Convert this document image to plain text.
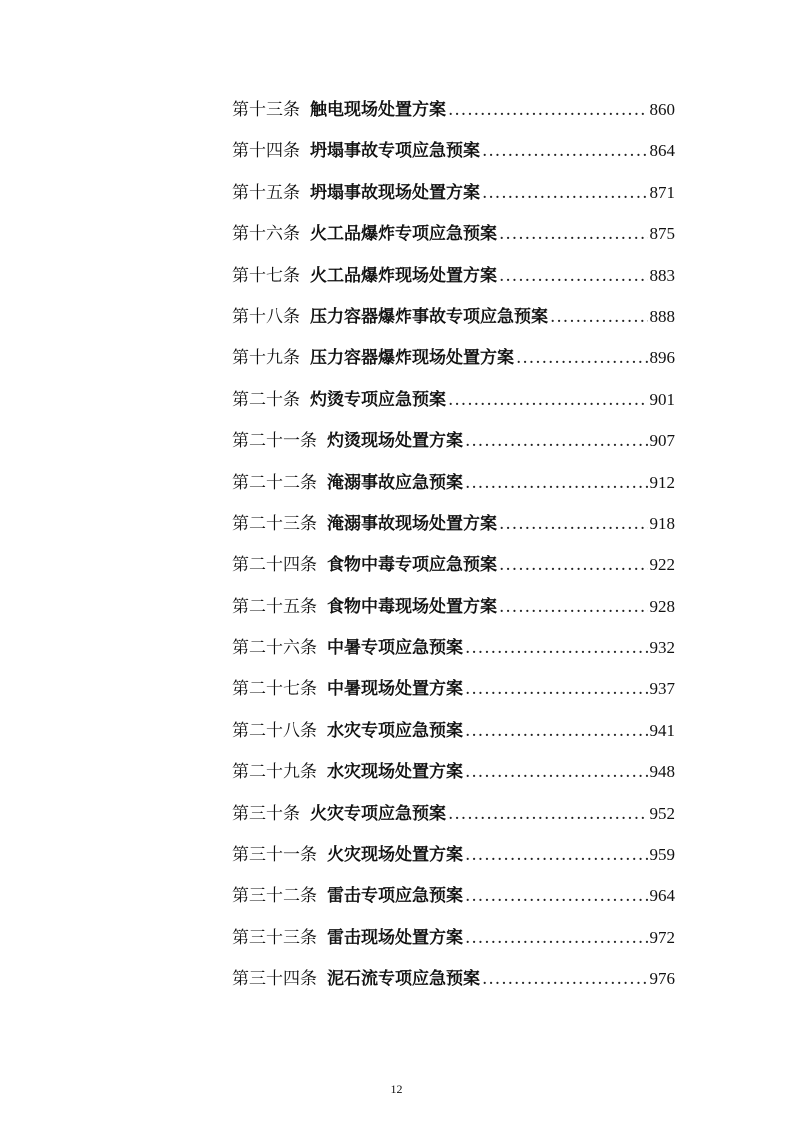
第十三条 触电现场处置方案 .....	860
第十四条 坍塌事故专项应急预案 .....	864
第十五条 坍塌事故现场处置方案 .....	871
第十六条 火工品爆炸专项应急预案 .....	875
第十七条 火工品爆炸现场处置方案 .....	883
第十八条 压力容器爆炸事故专项应急预案 .....	888
第十九条 压力容器爆炸现场处置方案 .....	896
第二十条 灼烫专项应急预案 .....	901
第二十一条 灼烫现场处置方案 .....	907
第二十二条 淹溺事故应急预案 .....	912
第二十三条 淹溺事故现场处置方案 .....	918
第二十四条 食物中毒专项应急预案 .....	922
第二十五条 食物中毒现场处置方案 .....	928
第二十六条 中暑专项应急预案 .....	932
第二十七条 中暑现场处置方案 .....	937
第二十八条 水灾专项应急预案 .....	941
第二十九条 水灾现场处置方案 .....	948
第三十条 火灾专项应急预案 .....	952
第三十一条 火灾现场处置方案 .....	959
第三十二条 雷击专项应急预案 .....	964
第三十三条 雷击现场处置方案 .....	972
第三十四条 泥石流专项应急预案 .....	976
12
